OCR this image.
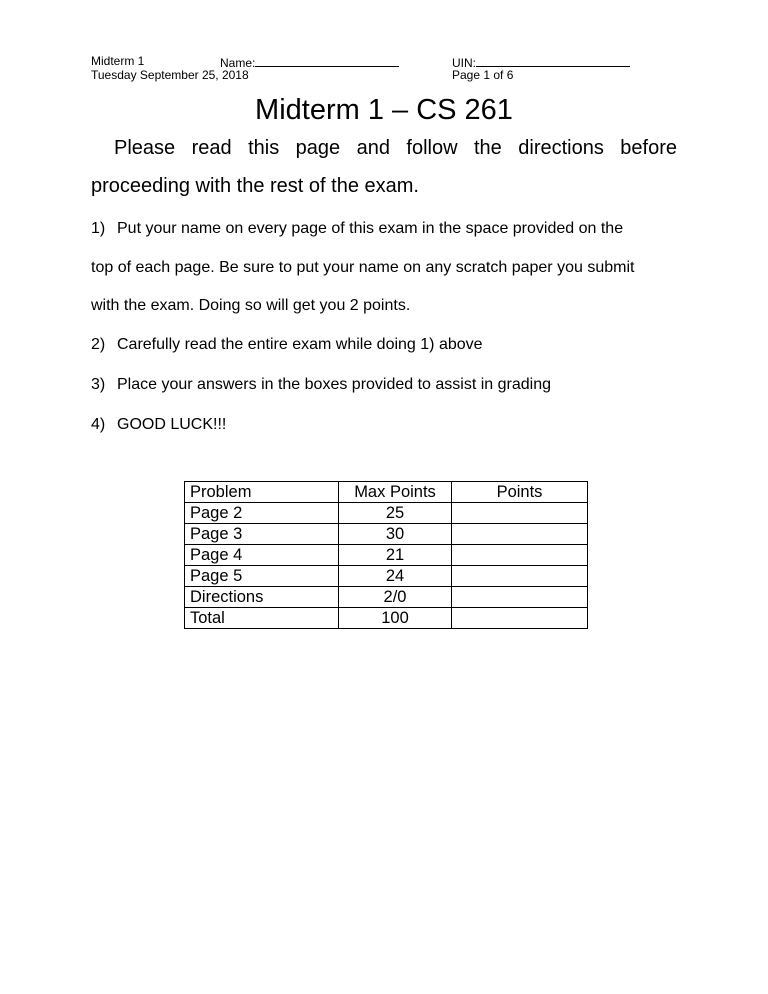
Midterm 1	Name:
Tuesday September 25, 2018
UIN:
Page 1 of 6
Midterm 1 – CS 261
Please read this page and follow the directions before
proceeding with the rest of the exam.
1) Put your name on every page of this exam in the space provided on the
top of each page. Be sure to put your name on any scratch paper you submit
with the exam. Doing so will get you 2 points.
2) Carefully read the entire exam while doing 1) above
3) Place your answers in the boxes provided to assist in grading
4) GOOD LUCK!!!
Problem	Max Points	Points
Page 2	25	
Page 3	30	
Page 4	21	
Page 5	24	
Directions	2/0	
Total	100	
